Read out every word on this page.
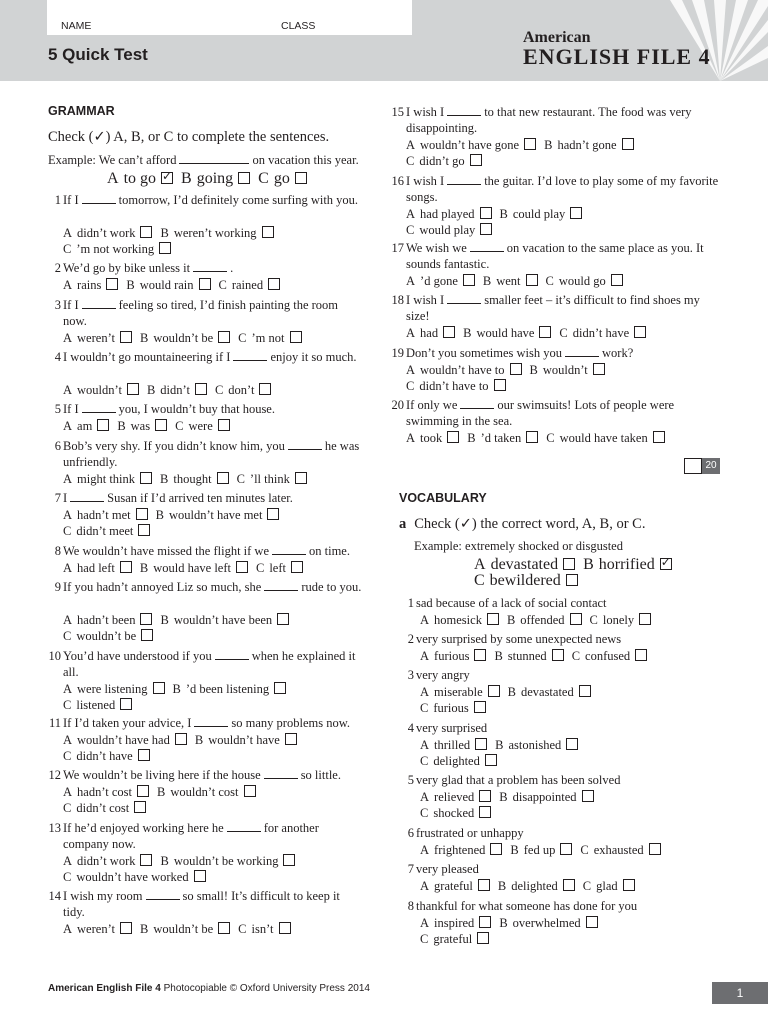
NAME	CLASS
5 Quick Test
American
ENGLISH FILE 4
GRAMMAR
Check (✓) A, B, or C to complete the sentences.
Example: We can’t afford	on vacation this year.
A to go✓ B going C go
1 If I	tomorrow, I’d definitely come surfing with you.
A didn’t work B weren’t working
C ’m not working
2 We’d go by bike unless it	.
A rains B would rain C rained
3 If I	feeling so tired, I’d finish painting the room now.
A weren’t B wouldn’t be C ’m not
4 I wouldn’t go mountaineering if I	enjoy it so much.
A wouldn’t B didn’t C don’t
5 If I	you, I wouldn’t buy that house.
A am B was C were
6 Bob’s very shy. If you didn’t know him, you	he was unfriendly.
A might think B thought C ’ll think
7 I	Susan if I’d arrived ten minutes later.
A hadn’t met B wouldn’t have met
C didn’t meet
8 We wouldn’t have missed the flight if we	on time.
A had left B would have left C left
9 If you hadn’t annoyed Liz so much, she	rude to you.
A hadn’t been B wouldn’t have been
C wouldn’t be
10 You’d have understood if you	when he explained it all.
A were listening B ’d been listening
C listened
11 If I’d taken your advice, I	so many problems now.
A wouldn’t have had B wouldn’t have
C didn’t have
12 We wouldn’t be living here if the house	so little.
A hadn’t cost B wouldn’t cost
C didn’t cost
13 If he’d enjoyed working here he	for another company now.
A didn’t work B wouldn’t be working
C wouldn’t have worked
14 I wish my room	so small! It’s difficult to keep it tidy.
A weren’t B wouldn’t be C isn’t
15 I wish I	to that new restaurant. The food was very disappointing.
A wouldn’t have gone B hadn’t gone
C didn’t go
16 I wish I	the guitar. I’d love to play some of my favorite songs.
A had played B could play
C would play
17 We wish we	on vacation to the same place as you. It sounds fantastic.
A ’d gone B went C would go
18 I wish I	smaller feet – it’s difficult to find shoes my size!
A had B would have C didn’t have
19 Don’t you sometimes wish you	work?
A wouldn’t have to B wouldn’t
C didn’t have to
20 If only we	our swimsuits! Lots of people were swimming in the sea.
A took B ’d taken C would have taken
VOCABULARY
a Check (✓) the correct word, A, B, or C.
Example: extremely shocked or disgusted
A devastated B horrified✓
C bewildered
1 sad because of a lack of social contact
A homesick B offended C lonely
2 very surprised by some unexpected news
A furious B stunned C confused
3 very angry
A miserable B devastated
C furious
4 very surprised
A thrilled B astonished
C delighted
5 very glad that a problem has been solved
A relieved B disappointed
C shocked
6 frustrated or unhappy
A frightened B fed up C exhausted
7 very pleased
A grateful B delighted C glad
8 thankful for what someone has done for you
A inspired B overwhelmed
C grateful
American English File 4 Photocopiable © Oxford University Press 2014	1
20
